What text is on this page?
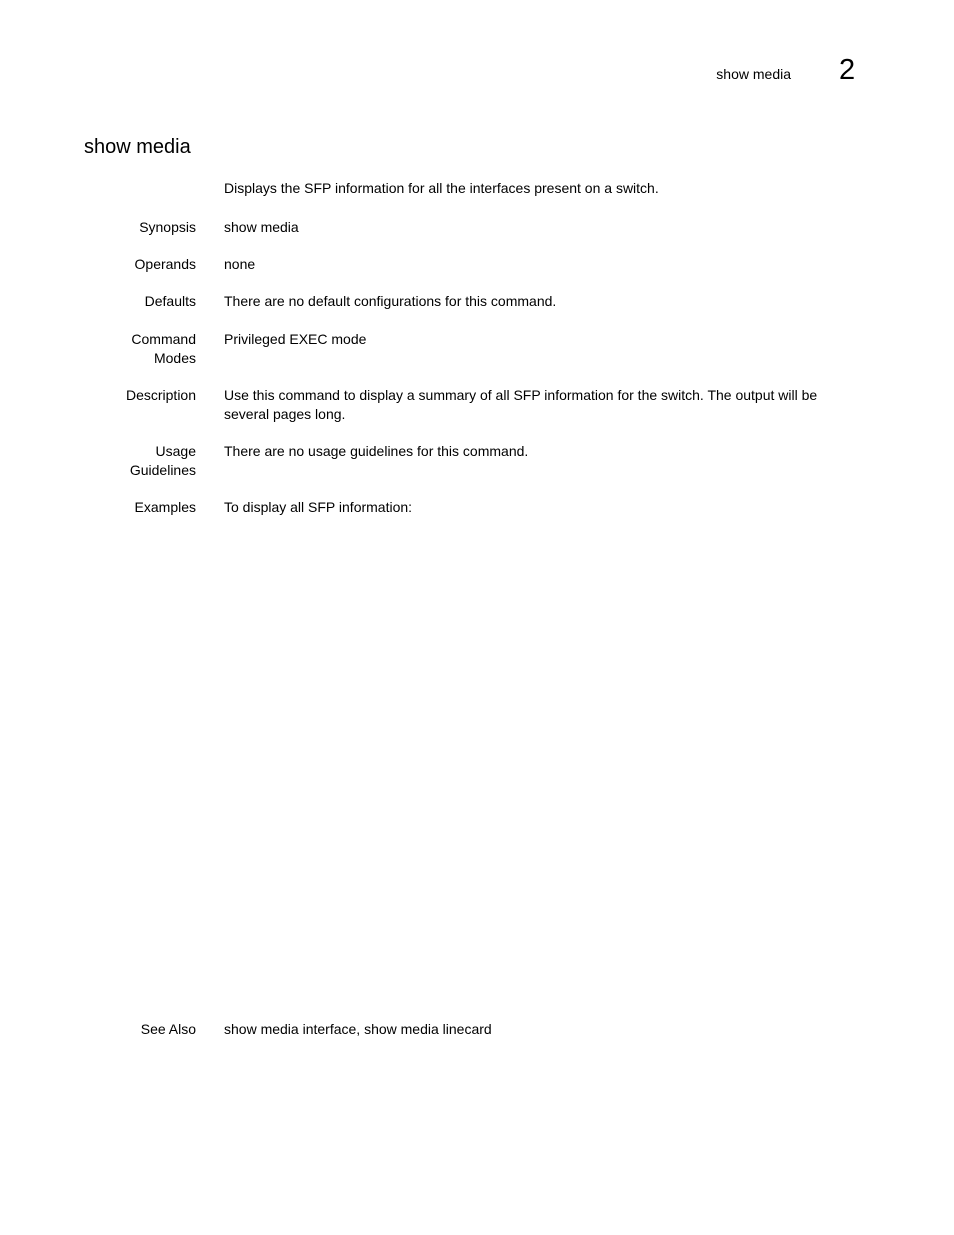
show media 2
show media
Displays the SFP information for all the interfaces present on a switch.
Synopsis show media
Operands none
Defaults There are no default configurations for this command.
Command
Modes
Privileged EXEC mode
Description Use this command to display a summary of all SFP information for the switch. The output will be
several pages long.
Usage
Guidelines
There are no usage guidelines for this command.
Examples To display all SFP information:
See Also show media interface, show media linecard
